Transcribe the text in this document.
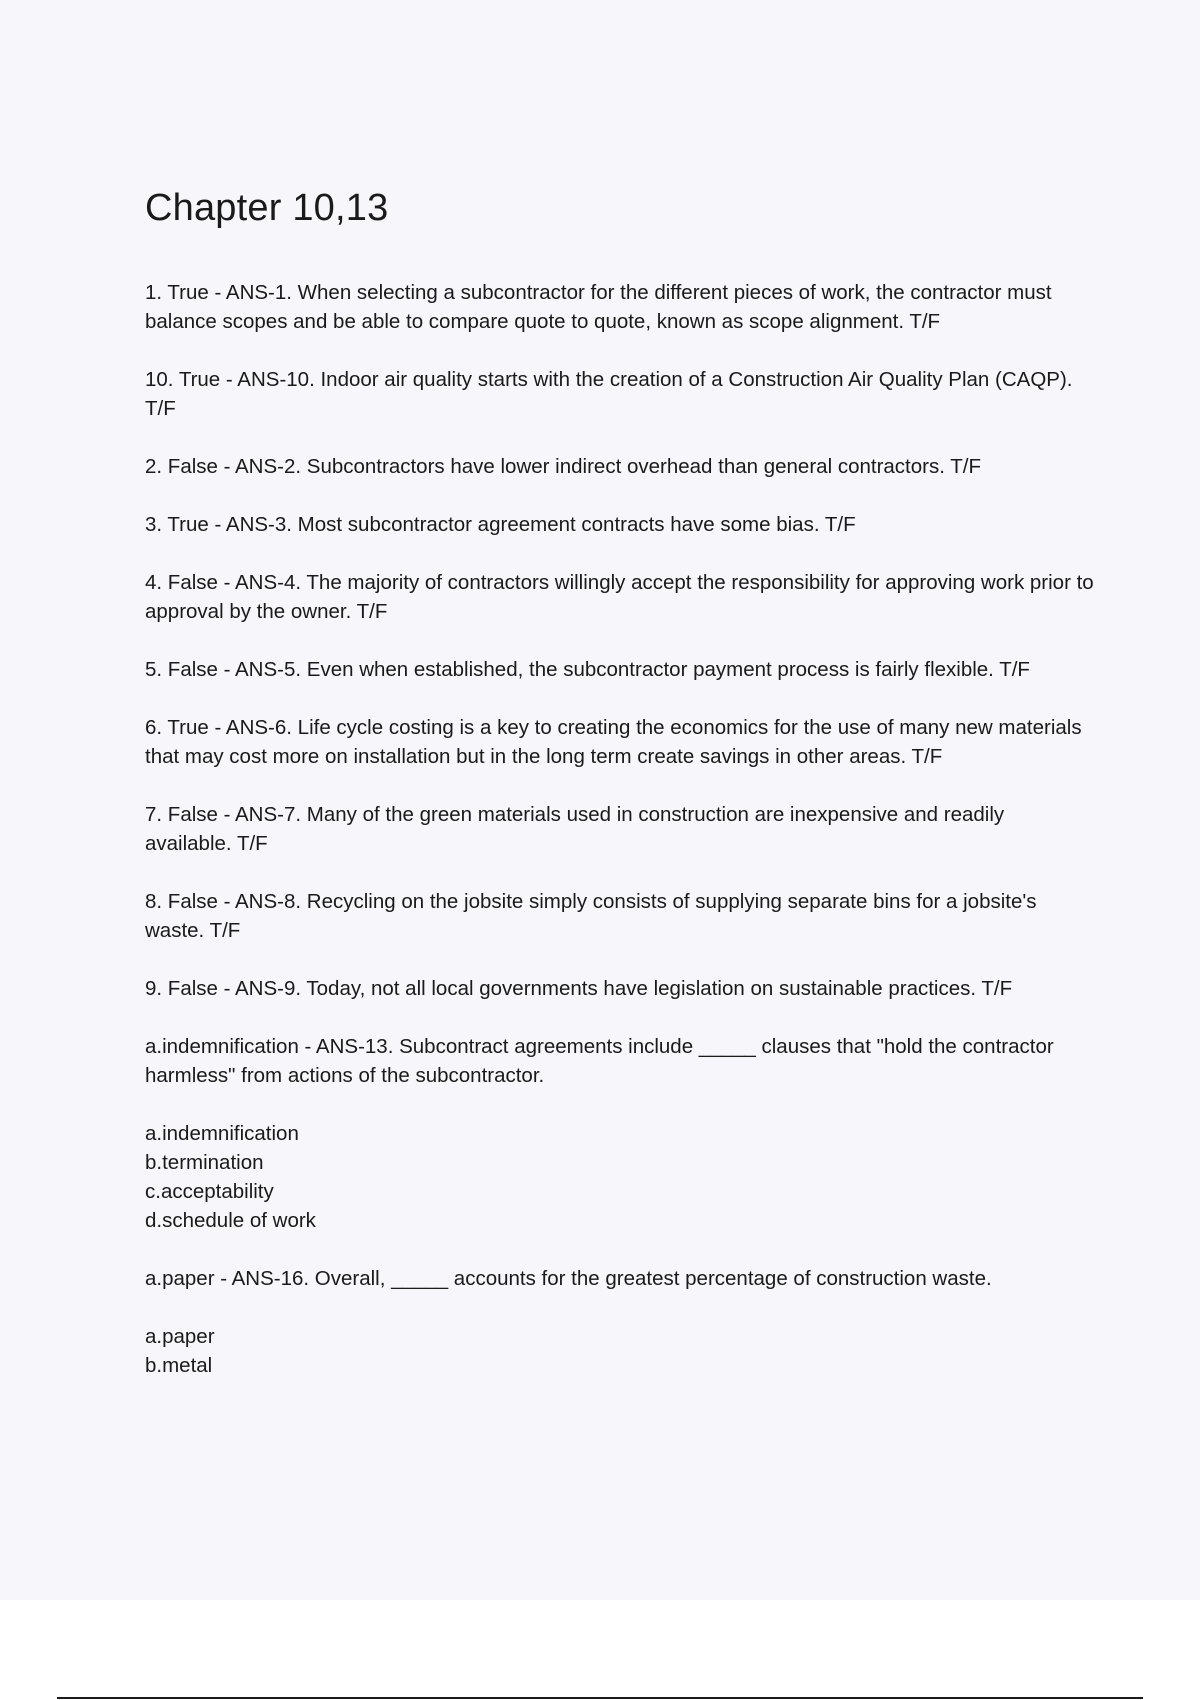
Chapter 10,13

1. True - ANS-1. When selecting a subcontractor for the different pieces of work, the contractor must balance scopes and be able to compare quote to quote, known as scope alignment. T/F

10. True - ANS-10. Indoor air quality starts with the creation of a Construction Air Quality Plan (CAQP). T/F

2. False - ANS-2. Subcontractors have lower indirect overhead than general contractors. T/F

3. True - ANS-3. Most subcontractor agreement contracts have some bias. T/F

4. False - ANS-4. The majority of contractors willingly accept the responsibility for approving work prior to approval by the owner. T/F

5. False - ANS-5. Even when established, the subcontractor payment process is fairly flexible. T/F

6. True - ANS-6. Life cycle costing is a key to creating the economics for the use of many new materials that may cost more on installation but in the long term create savings in other areas. T/F

7. False - ANS-7. Many of the green materials used in construction are inexpensive and readily available. T/F

8. False - ANS-8. Recycling on the jobsite simply consists of supplying separate bins for a jobsite's waste. T/F

9. False - ANS-9. Today, not all local governments have legislation on sustainable practices. T/F

a.indemnification - ANS-13. Subcontract agreements include _____ clauses that "hold the contractor harmless" from actions of the subcontractor.

a.indemnification
b.termination
c.acceptability
d.schedule of work

a.paper - ANS-16. Overall, _____ accounts for the greatest percentage of construction waste.

a.paper
b.metal
